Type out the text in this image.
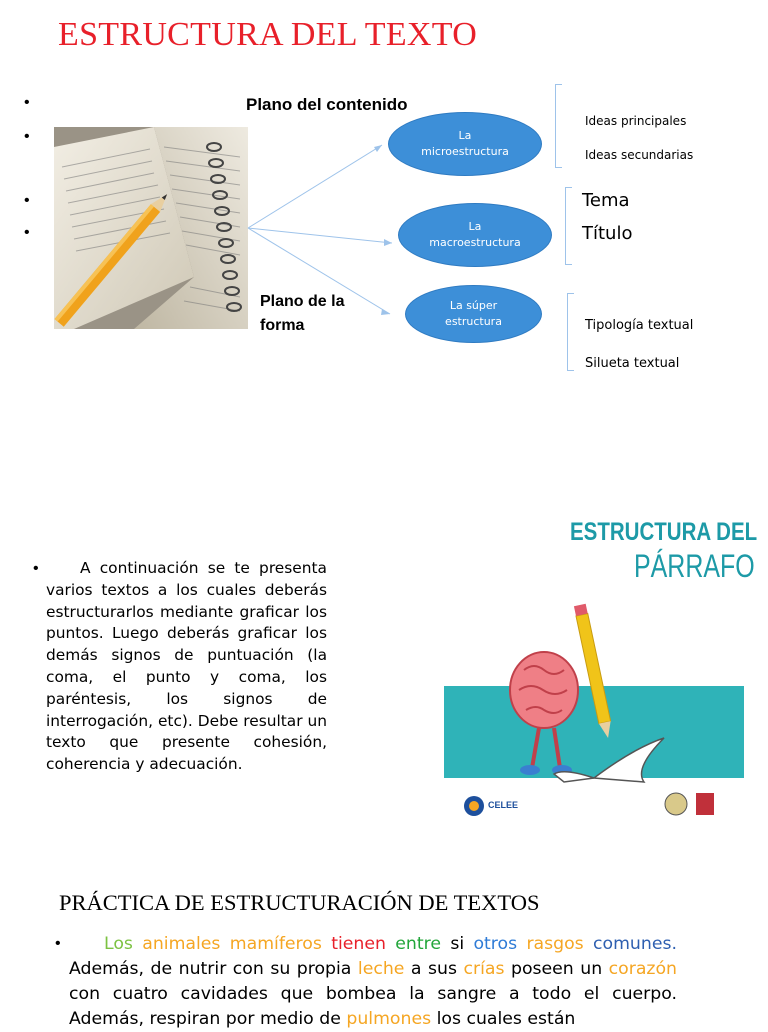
ESTRUCTURA DEL TEXTO
•
•
•
•
Plano del contenido
La
microestructura
La
macroestructura
La súper
estructura
Plano de la
forma
Ideas principales
Ideas secundarias
Tema
Título
Tipología textual
Silueta textual
•	A continuación se te presenta varios textos a los cuales deberás estructurarlos mediante graficar los puntos. Luego deberás graficar los demás signos de puntuación (la coma, el punto y coma, los paréntesis, los signos de interrogación, etc). Debe resultar un texto que presente cohesión, coherencia y adecuación.
ESTRUCTURA DEL
PÁRRAFO
CELEE
PRÁCTICA DE ESTRUCTURACIÓN DE TEXTOS
•	Los animales mamíferos tienen entre si otros rasgos comunes. Además, de nutrir con su propia leche a sus crías poseen un corazón con cuatro cavidades que bombea la sangre a todo el cuerpo. Además, respiran por medio de pulmones los cuales están
